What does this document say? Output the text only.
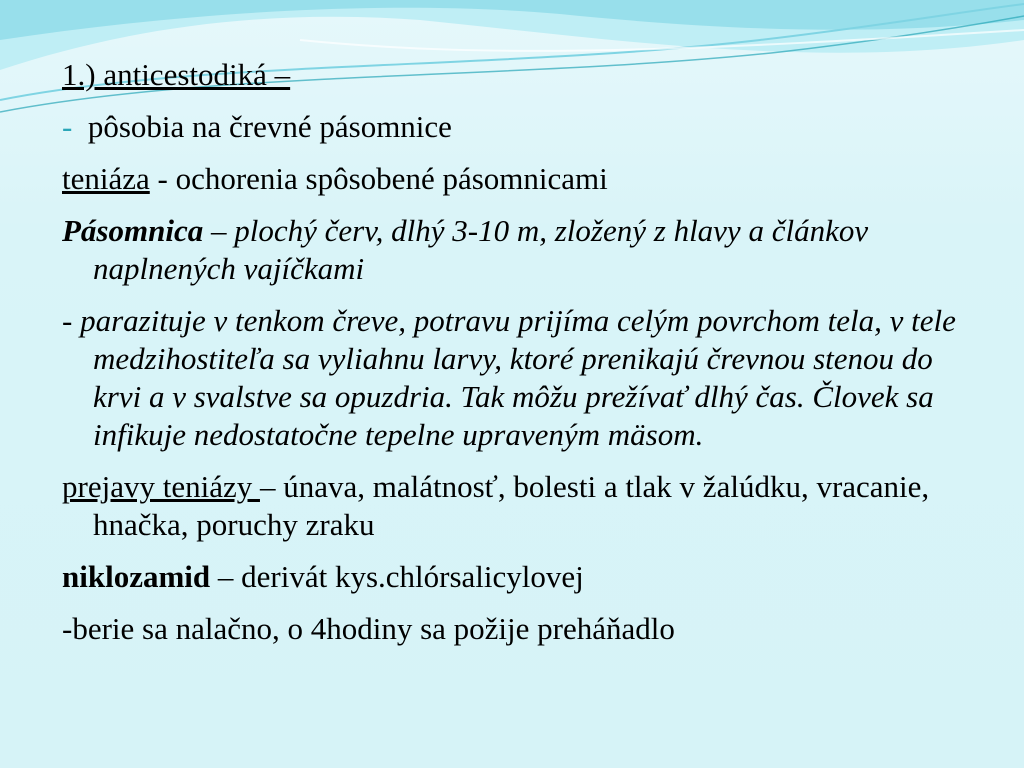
1.) anticestodiká –

- pôsobia na črevné pásomnice

teniáza - ochorenia spôsobené pásomnicami

Pásomnica – plochý červ, dlhý 3-10 m, zložený z hlavy a článkov naplnených vajíčkami

- parazituje v tenkom čreve, potravu prijíma celým povrchom tela, v tele medzihostiteľa sa vyliahnu larvy, ktoré prenikajú črevnou stenou do krvi a v svalstve sa opuzdria. Tak môžu prežívať dlhý čas. Človek sa infikuje nedostatočne tepelne upraveným mäsom.

prejavy teniázy – únava, malátnosť, bolesti a tlak v žalúdku, vracanie, hnačka, poruchy zraku

niklozamid – derivát kys.chlórsalicylovej

-berie sa nalačno, o 4hodiny sa požije preháňadlo
